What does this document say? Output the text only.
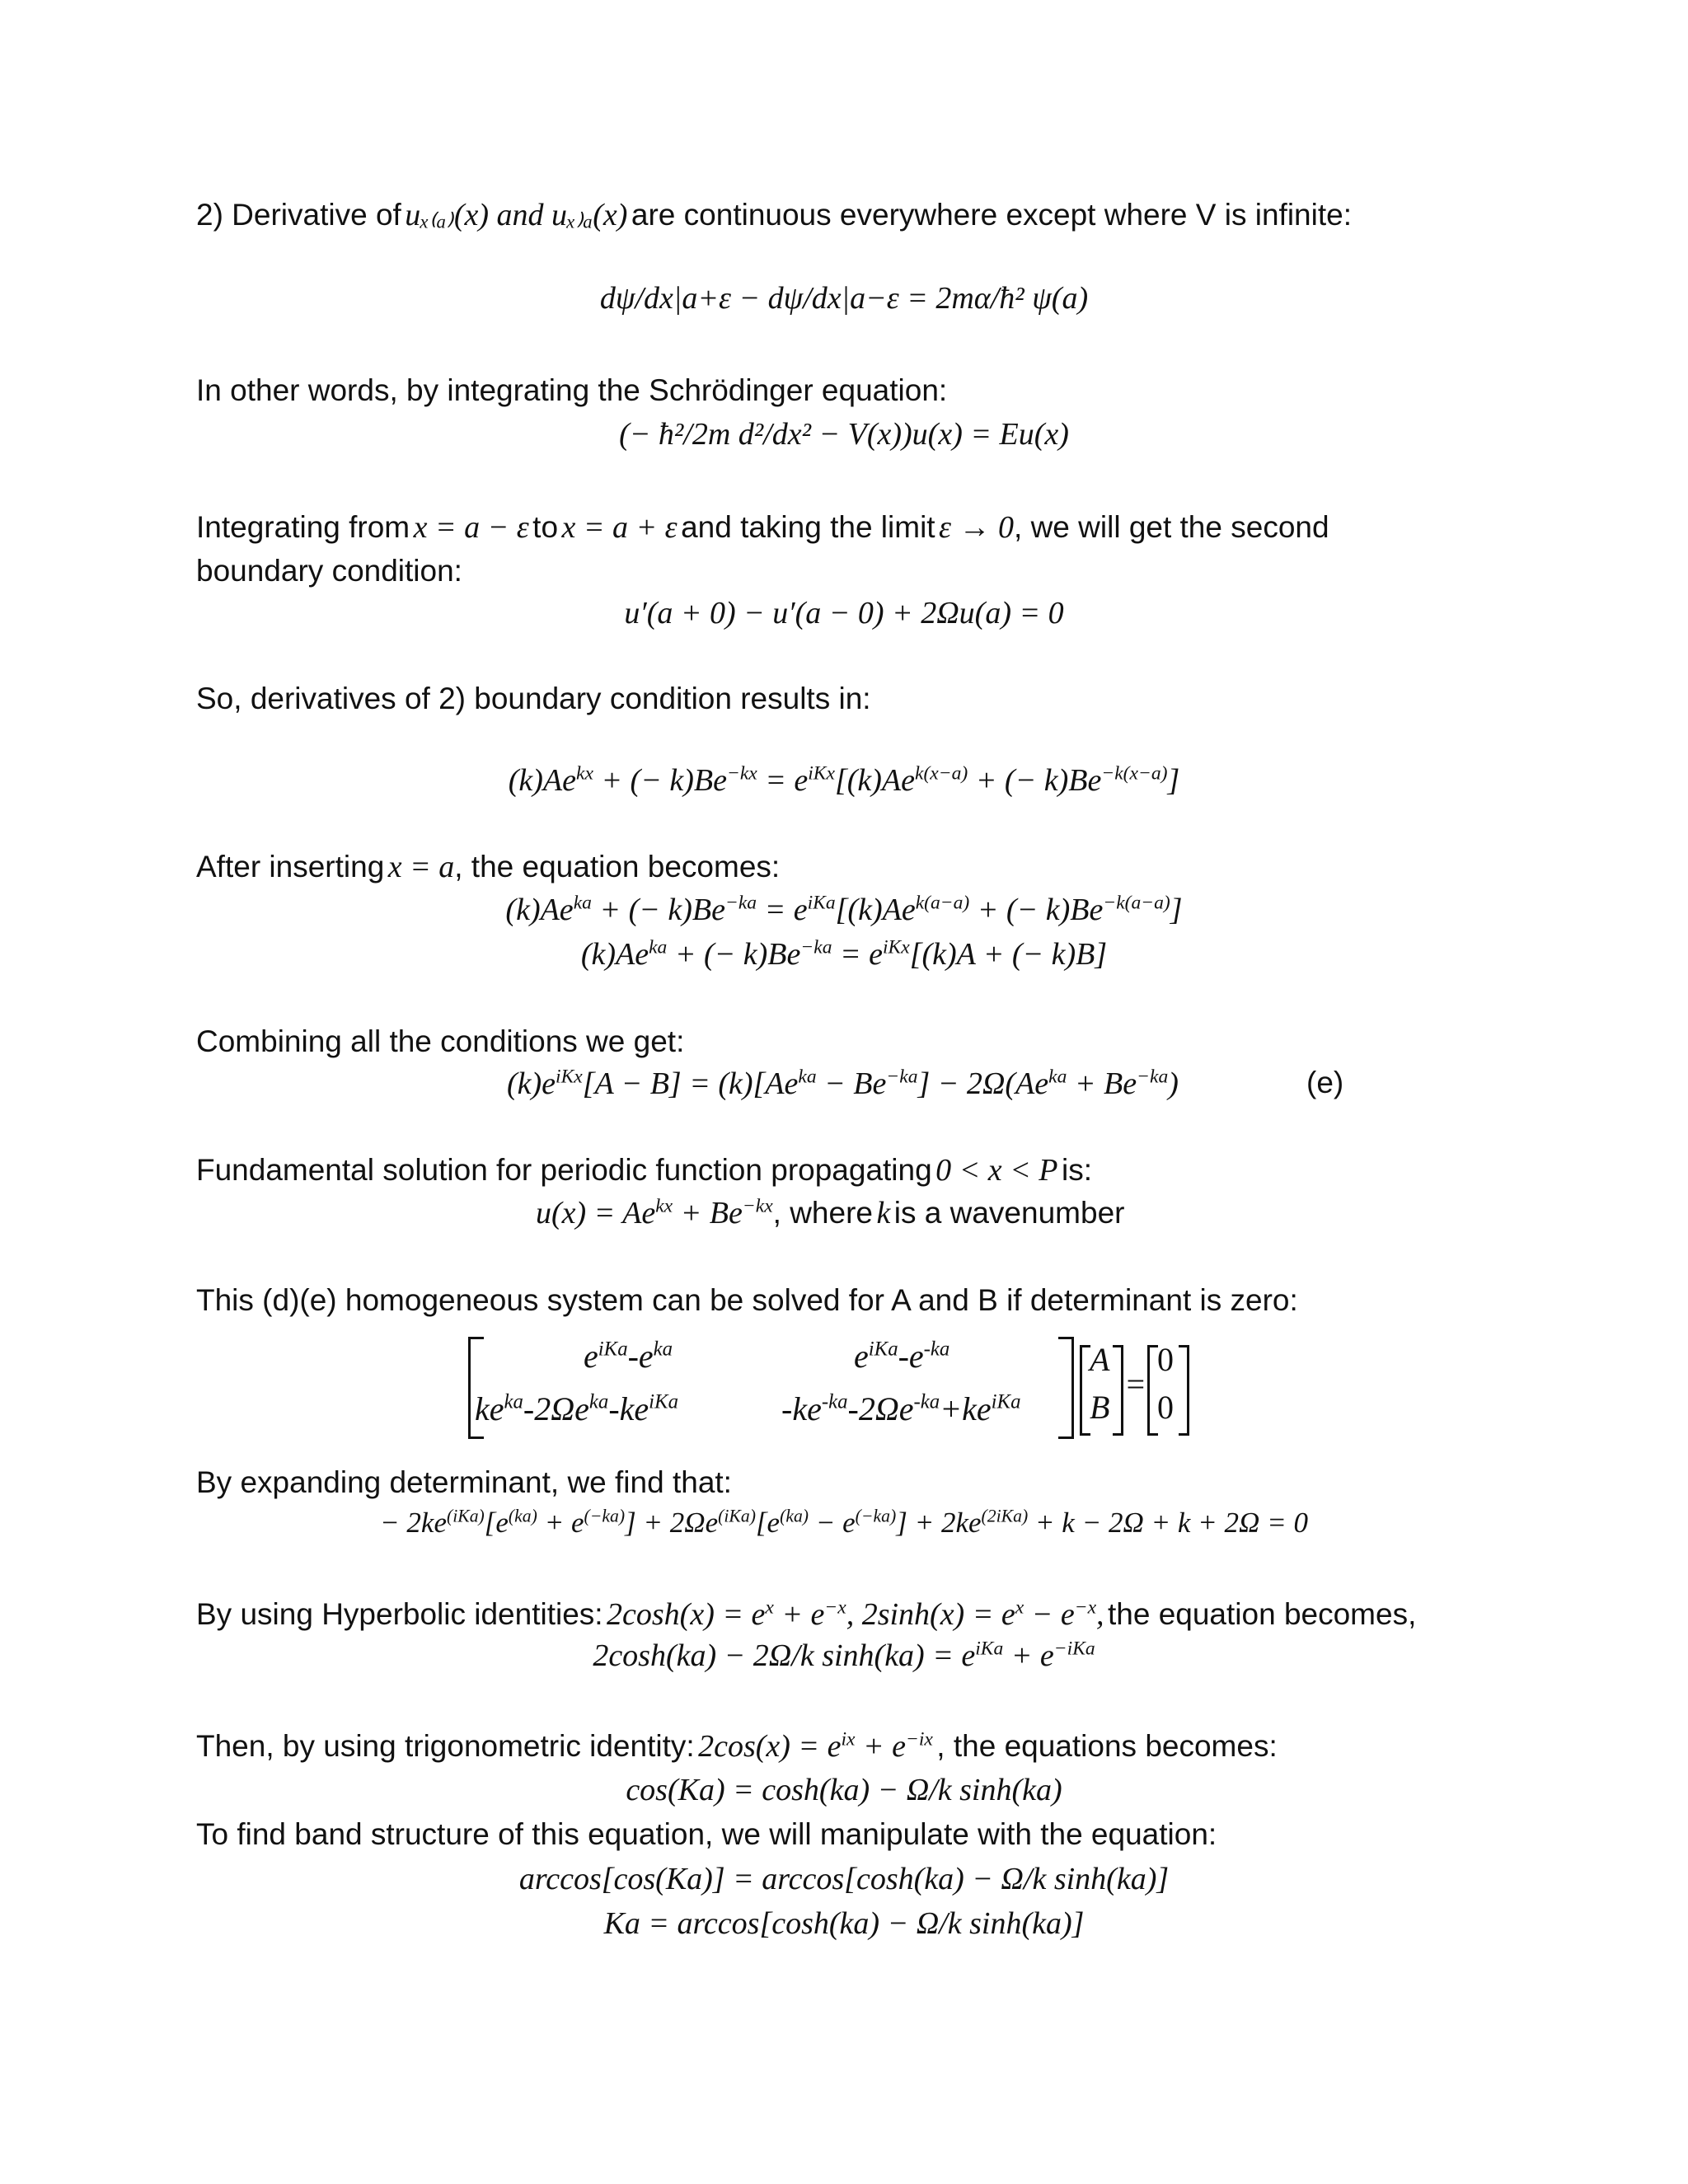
2) Derivative of uₓ₍ₐ₎(x) and uₓ₎ₐ(x) are continuous everywhere except where V is infinite:
dψ/dx|a+ε − dψ/dx|a−ε = 2mα/ħ² ψ(a)
In other words, by integrating the Schrödinger equation:
(− ħ²/2m d²/dx² − V(x))u(x) = Eu(x)
Integrating from x = a − ε to x = a + ε and taking the limit ε → 0, we will get the second
boundary condition:
u′(a + 0) − u′(a − 0) + 2Ωu(a) = 0
So, derivatives of 2) boundary condition results in:
$(k)Ae^{kx}$ + (− $k)Be^{-kx} = e^{iKx}[(k)Ae^{k(x-a)}$ + (− $k)Be^{-k(x-a)}$]
After inserting x = a, the equation becomes:
$(k)Ae^{ka}$ + (− $k)Be^{-ka} = e^{iKa}[(k)Ae^{k(a-a)}$ + (− $k)Be^{-k(a-a)}$]
$(k)Ae^{ka}$ + (− $k)Be^{-ka} = e^{iKx}[(k)A$ + (− k)B]
Combining all the conditions we get:
$(k)e^{iKx}[A - B] = (k)[Ae^{ka} - Be^{-ka}] - 2\Omega(Ae^{ka} + Be^{-ka})$	(e)
Fundamental solution for periodic function propagating 0 < x < P is:
$u(x) = Ae^{kx} + Be^{-kx}$, where k is a wavenumber
This (d)(e) homogeneous system can be solved for A and B if determinant is zero:
$e^{iKa}-e^{ka}$	$e^{iKa}-e^{-ka}$
$ke^{ka}-2\Omega e^{ka}-ke^{iKa}$	$-ke^{-ka}-2\Omega e^{-ka}+ke^{iKa}$
A
B
=
0
0
By expanding determinant, we find that:
− $2ke^{(iKa)}[e^{(ka)} + e^{(-ka)}] + 2\Omega e^{(iKa)}[e^{(ka)} - e^{(-ka)}] + 2ke^{(2iKa)} + k - 2\Omega + k + 2\Omega = 0$
By using Hyperbolic identities: $2\cosh(x) = e^x + e^{-x}$, $2\sinh(x) = e^x - e^{-x}$, the equation becomes,
2cosh(ka) − 2Ω/k $\sinh(ka) = e^{iKa} + e^{-iKa}$
Then, by using trigonometric identity: $2\cos(x) = e^{ix} + e^{-ix}$ , the equations becomes:
cos(Ka) = cosh(ka) − Ω/k sinh(ka)
To find band structure of this equation, we will manipulate with the equation:
arccos[cos(Ka)] = arccos[cosh(ka) − Ω/k sinh(ka)]
Ka = arccos[cosh(ka) − Ω/k sinh(ka)]
